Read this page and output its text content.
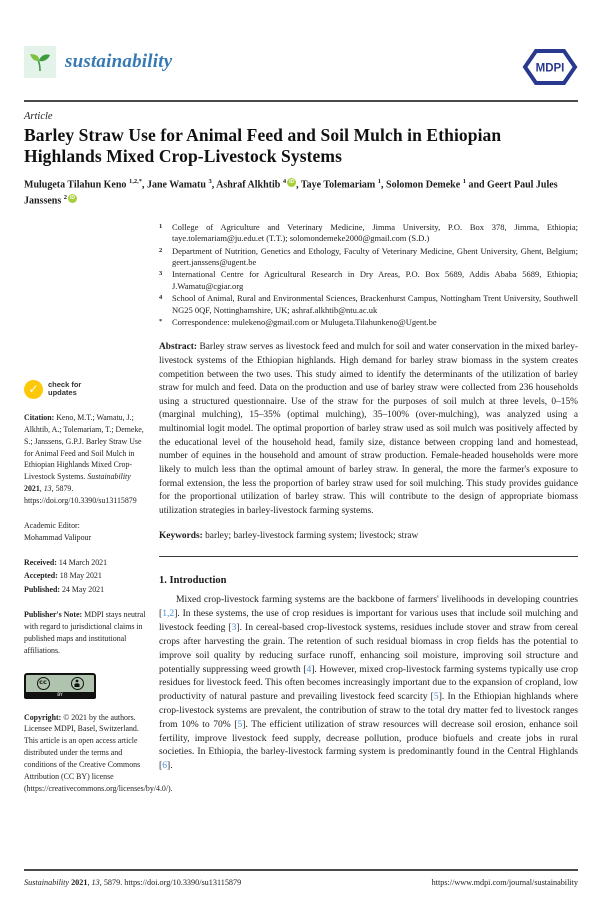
sustainability	MDPI
Article
Barley Straw Use for Animal Feed and Soil Mulch in Ethiopian Highlands Mixed Crop-Livestock Systems
Mulugeta Tilahun Keno $^{1,2,*}$, Jane Wamatu $^3$, Ashraf Alkhtib $^4$ iD , Taye Tolemariam $^1$, Solomon Demeke $^1$ and Geert Paul Jules Janssens $^2$ iD
✓	check for
updates
Citation: Keno, M.T.; Wamatu, J.; Alkhtib, A.; Tolemariam, T.; Demeke, S.; Janssens, G.P.J. Barley Straw Use for Animal Feed and Soil Mulch in Ethiopian Highlands Mixed Crop-Livestock Systems. Sustainability 2021, 13, 5879. https://doi.org/10.3390/su13115879
Academic Editor:
Mohammad Valipour
Received: 14 March 2021
Accepted: 18 May 2021
Published: 24 May 2021
Publisher's Note: MDPI stays neutral with regard to jurisdictional claims in published maps and institutional affiliations.
cc
BY
Copyright: © 2021 by the authors. Licensee MDPI, Basel, Switzerland. This article is an open access article distributed under the terms and conditions of the Creative Commons Attribution (CC BY) license (https://creativecommons.org/licenses/by/4.0/).
1	College of Agriculture and Veterinary Medicine, Jimma University, P.O. Box 378, Jimma, Ethiopia; taye.tolemariam@ju.edu.et (T.T.); solomondemeke2000@gmail.com (S.D.)
2	Department of Nutrition, Genetics and Ethology, Faculty of Veterinary Medicine, Ghent University, Ghent, Belgium; geert.janssens@ugent.be
3	International Centre for Agricultural Research in Dry Areas, P.O. Box 5689, Addis Ababa 5689, Ethiopia; J.Wamatu@cgiar.org
4	School of Animal, Rural and Environmental Sciences, Brackenhurst Campus, Nottingham Trent University, Southwell NG25 0QF, Nottinghamshire, UK; ashraf.alkhtib@ntu.ac.uk
*	Correspondence: mulekeno@gmail.com or Mulugeta.Tilahunkeno@Ugent.be
Abstract: Barley straw serves as livestock feed and mulch for soil and water conservation in the mixed barley-livestock systems of the Ethiopian highlands. High demand for barley straw biomass in the system creates competition between the two uses. This study aimed to identify the determinants of the utilization of barley straw for mulch and feed. Data on the production and use of barley straw were collected from 236 households using a structured questionnaire. Use of the straw for the purposes of soil mulch at three levels, 0–15% (marginal mulching), 15–35% (optimal mulching), 35–100% (over-mulching), was analyzed using a multinomial logit model. The optimal proportion of barley straw used as soil mulch was positively affected by the educational level of the household head, family size, distance between cropping land and homestead, number of equines in the household and amount of straw production. Female-headed households were more likely to mulch less than the optimal amount of barley straw. In general, the more the farmer's exposure to formal extension, the less the proportion of barley straw used for soil mulching. This study provides guidance for the proportional utilization of barley straw. This will contribute to the design of appropriate biomass utilization strategies in barley-livestock farming systems.
Keywords: barley; barley-livestock farming system; livestock; straw
1. Introduction
Mixed crop-livestock farming systems are the backbone of farmers' livelihoods in developing countries [1,2]. In these systems, the use of crop residues is important for various uses that include soil mulching and livestock feeding [3]. In cereal-based crop-livestock systems, residues include stover and straw from cereal crops after harvesting the grain. The retention of such residual biomass in crop fields has the potential to improve soil quality by reducing surface runoff, enhancing soil moisture, improving soil structure and potentially suppressing weed growth [4]. However, mixed crop-livestock farming systems typically use crop residues for livestock feed. This often becomes increasingly important due to the expansion of cropland, low productivity of natural pasture and prevailing livestock feed scarcity [5]. In the Ethiopian highlands where crop-livestock systems are prevalent, the contribution of straw to the total dry matter fed to livestock ranges from 10% to 70% [5]. The efficient utilization of straw resources will decrease soil erosion, enhance soil fertility, improve livestock feed supply, decrease pollution, produce biofuels and create jobs in rural societies. In Ethiopia, the barley-livestock farming system is predominantly found in the Central Highlands [6].
Sustainability 2021, 13, 5879. https://doi.org/10.3390/su13115879	https://www.mdpi.com/journal/sustainability
